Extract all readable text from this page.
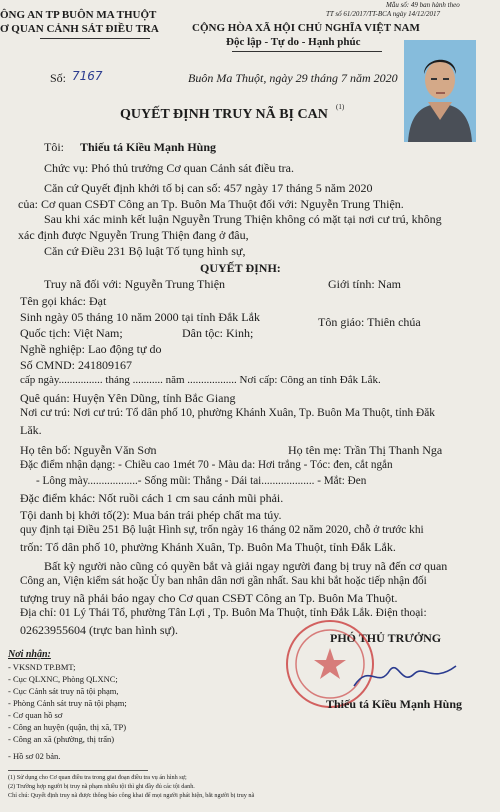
ÔNG AN TP BUÔN MA THUỘT
Ơ QUAN CẢNH SÁT ĐIỀU TRA
Mẫu số: 49 ban hành theo
TT số 61/2017/TT-BCA ngày 14/12/2017
CỘNG HÒA XÃ HỘI CHỦ NGHĨA VIỆT NAM
Độc lập - Tự do - Hạnh phúc
Số: 7167	Buôn Ma Thuột, ngày 29 tháng 7 năm 2020
QUYẾT ĐỊNH TRUY NÃ BỊ CAN (1)
Tôi: Thiếu tá Kiều Mạnh Hùng
Chức vụ: Phó thủ trưởng Cơ quan Cảnh sát điều tra.
Căn cứ Quyết định khởi tố bị can số: 457 ngày 17 tháng 5 năm 2020
của: Cơ quan CSĐT Công an Tp. Buôn Ma Thuột đối với: Nguyễn Trung Thiện.
Sau khi xác minh kết luận Nguyễn Trung Thiện không có mặt tại nơi cư trú, không
xác định được Nguyễn Trung Thiện đang ở đâu,
Căn cứ Điều 231 Bộ luật Tố tụng hình sự,
QUYẾT ĐỊNH:
Truy nã đối với: Nguyễn Trung Thiện	Giới tính: Nam
Tên gọi khác: Đạt
Sinh ngày 05 tháng 10 năm 2000 tại tỉnh Đắk Lắk
Quốc tịch: Việt Nam;	Dân tộc: Kinh;
Tôn giáo: Thiên chúa
Nghề nghiệp: Lao động tự do
Số CMND: 241809167
cấp ngày................ tháng ........... năm .................. Nơi cấp: Công an tỉnh Đắk Lắk.
Quê quán: Huyện Yên Dũng, tỉnh Bắc Giang
Nơi cư trú: Nơi cư trú: Tổ dân phố 10, phường Khánh Xuân, Tp. Buôn Ma Thuột, tỉnh Đăk
Lăk.
Họ tên bố: Nguyễn Văn Sơn	Họ tên mẹ: Trần Thị Thanh Nga
Đặc điểm nhận dạng: - Chiều cao 1mét 70 - Màu da: Hơi trắng - Tóc: đen, cắt ngắn
- Lông mày..................- Sống mũi: Thẳng - Dái tai................... - Mắt: Đen
Đặc điểm khác: Nốt ruồi cách 1 cm sau cánh mũi phải.
Tội danh bị khởi tố(2): Mua bán trái phép chất ma túy.
quy định tại Điều 251 Bộ luật Hình sự, trốn ngày 16 tháng 02 năm 2020, chỗ ở trước khi
trốn: Tổ dân phố 10, phường Khánh Xuân, Tp. Buôn Ma Thuột, tỉnh Đắk Lắk.
Bất kỳ người nào cũng có quyền bắt và giải ngay người đang bị truy nã đến cơ quan
Công an, Viện kiểm sát hoặc Ủy ban nhân dân nơi gần nhất. Sau khi bắt hoặc tiếp nhận đối
tượng truy nã phải báo ngay cho Cơ quan CSĐT Công an Tp. Buôn Ma Thuột.
Địa chỉ: 01 Lý Thái Tổ, phường Tân Lợi , Tp. Buôn Ma Thuột, tỉnh Đắk Lắk. Điện thoại:
02623955604 (trực ban hình sự).
PHÓ THỦ TRƯỞNG
Thiếu tá Kiều Mạnh Hùng
Nơi nhận:
- VKSND TP.BMT;
- Cục QLXNC, Phòng QLXNC;
- Cục Cảnh sát truy nã tội phạm,
- Phòng Cảnh sát truy nã tội phạm;
- Cơ quan hồ sơ
- Công an huyện (quận, thị xã, TP)
- Công an xã (phường, thị trấn)
- Hồ sơ 02 bản.
(1) Sử dụng cho Cơ quan điều tra trong giai đoạn điều tra vụ án hình sự;
(2) Trường hợp người bị truy nã phạm nhiều tội thì ghi đầy đủ các tội danh.
Chỉ chú: Quyết định truy nã được thông báo công khai để mọi người phát hiện, bắt người bị truy nã
